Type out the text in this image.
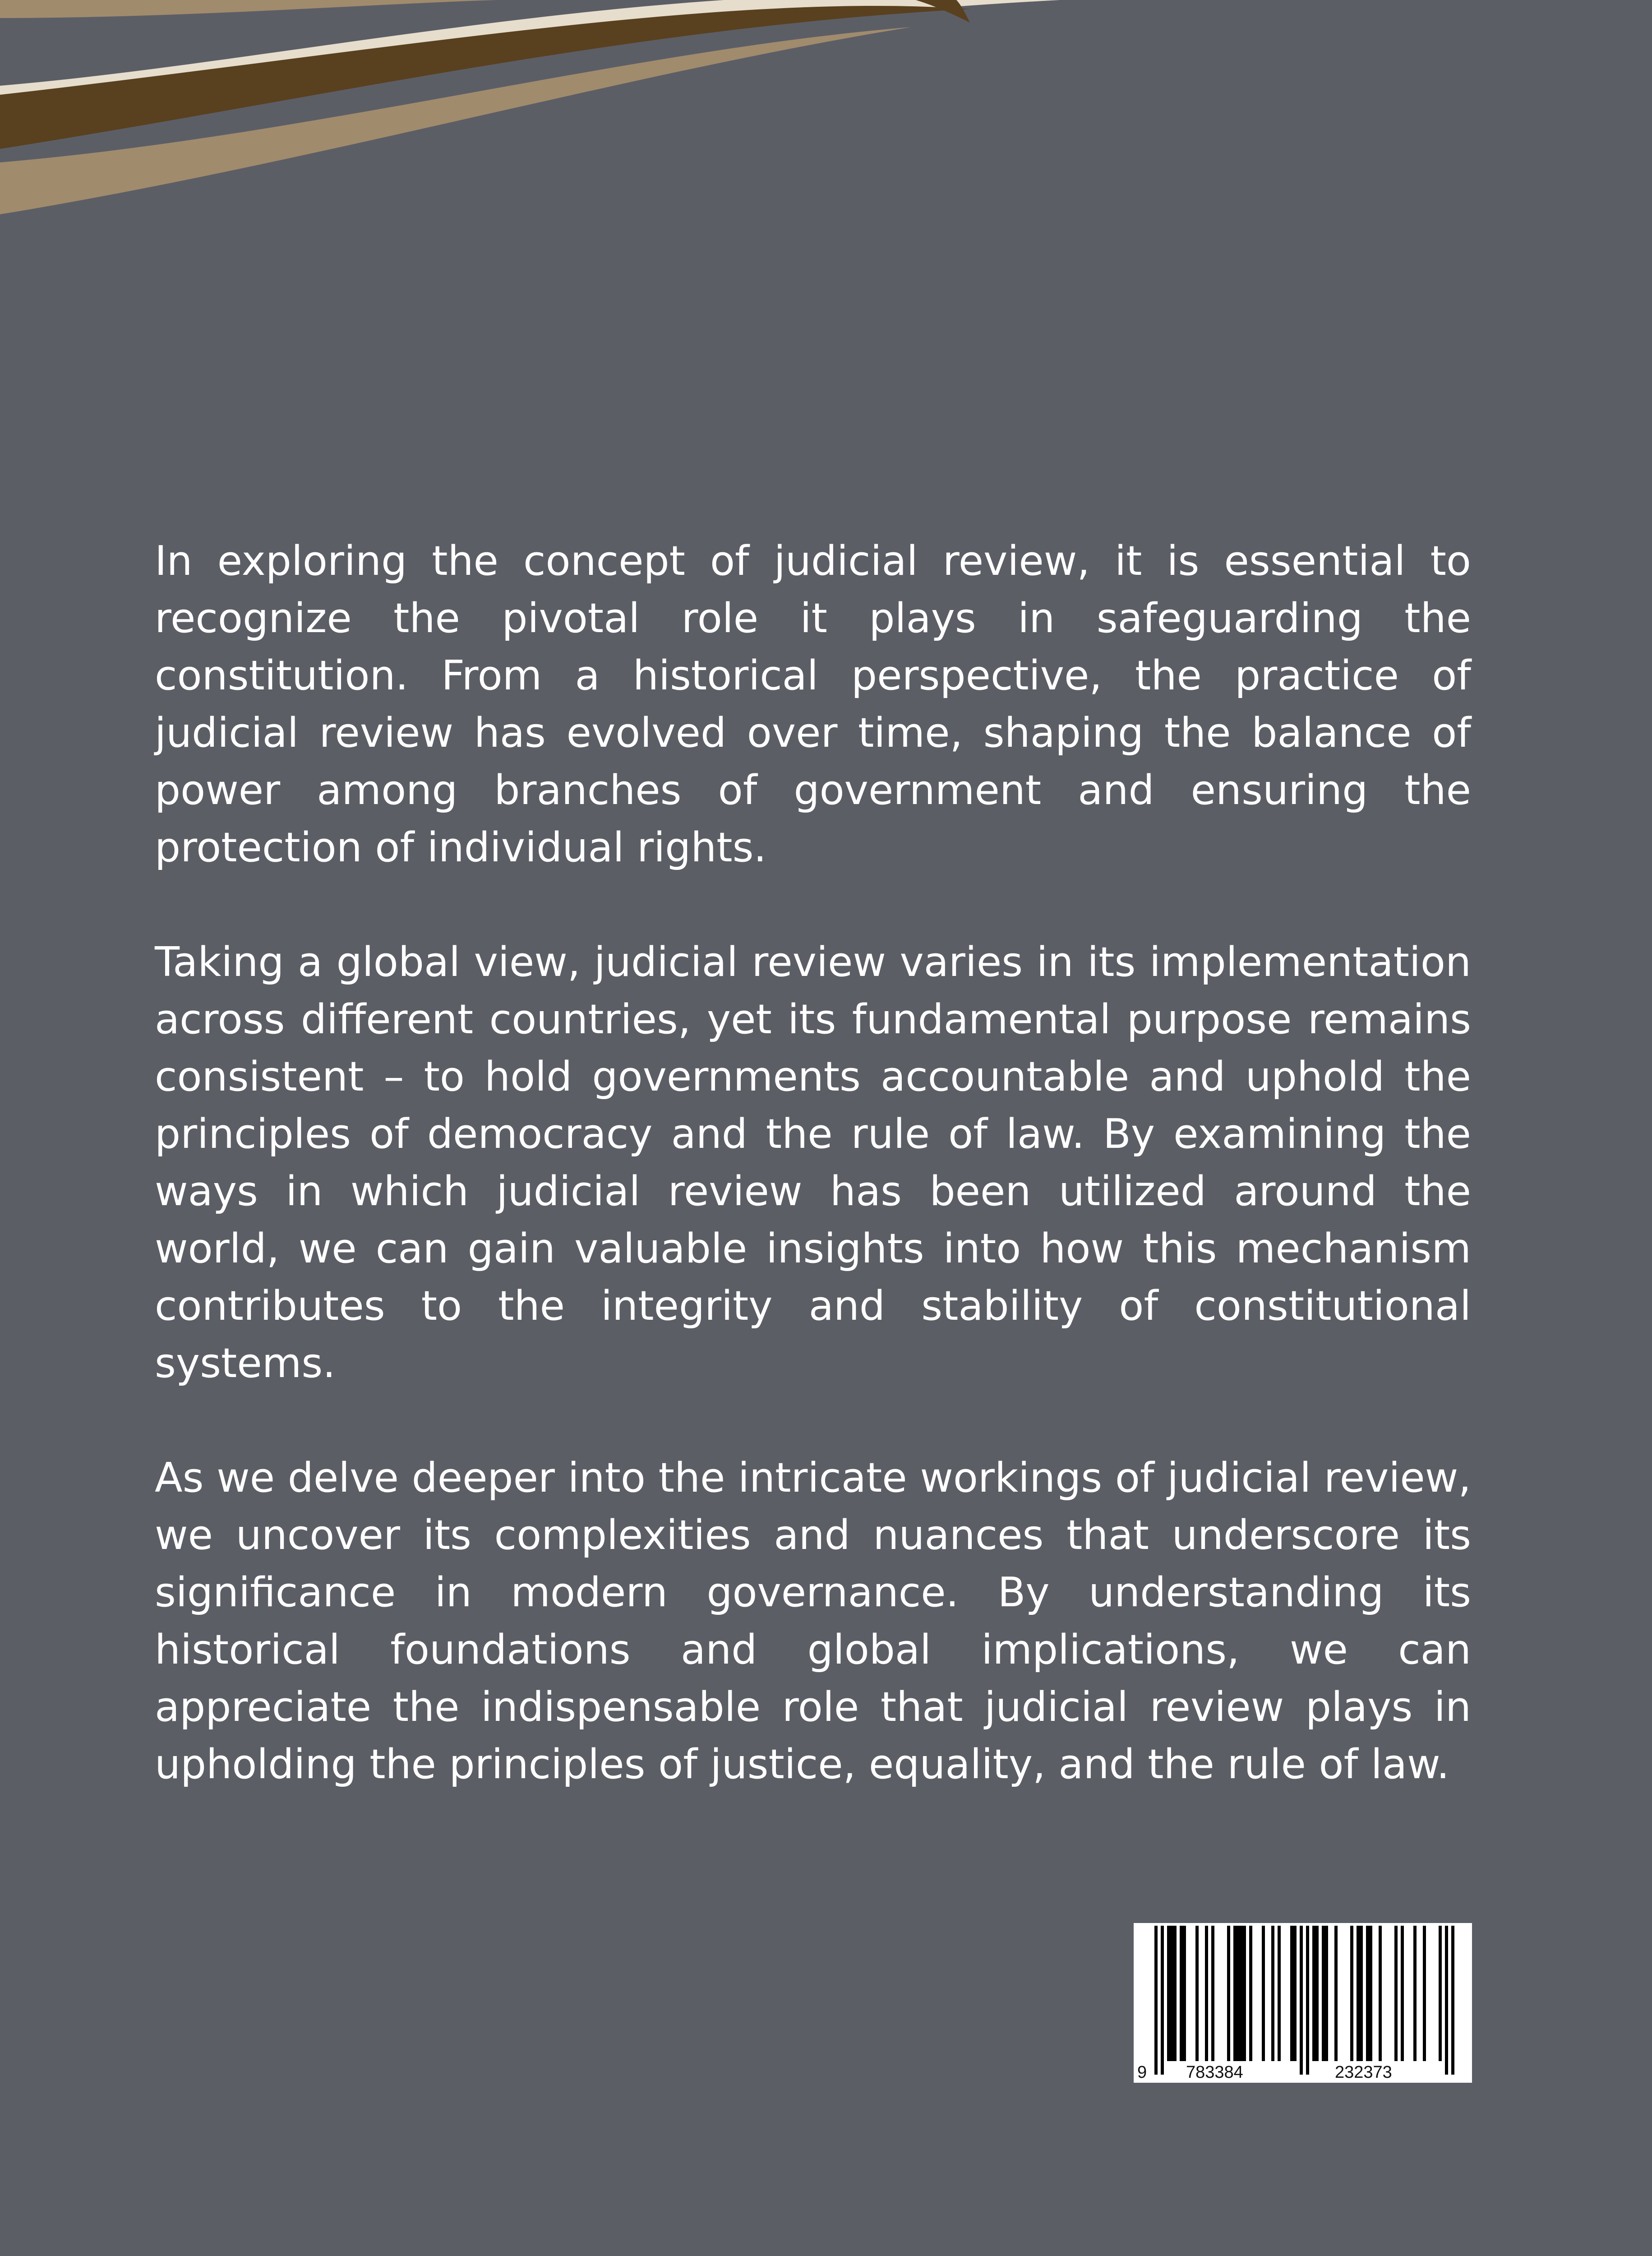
In exploring the concept of judicial review, it is essential to recognize the pivotal role it plays in safeguarding the constitution. From a historical perspective, the practice of judicial review has evolved over time, shaping the balance of power among branches of government and ensuring the protection of individual rights.

Taking a global view, judicial review varies in its implementation across different countries, yet its fundamental purpose remains consistent – to hold governments accountable and uphold the principles of democracy and the rule of law. By examining the ways in which judicial review has been utilized around the world, we can gain valuable insights into how this mechanism contributes to the integrity and stability of constitutional systems.

As we delve deeper into the intricate workings of judicial review, we uncover its complexities and nuances that underscore its significance in modern governance. By understanding its historical foundations and global implications, we can appreciate the indispensable role that judicial review plays in upholding the principles of justice, equality, and the rule of law.

9 783384	232373
